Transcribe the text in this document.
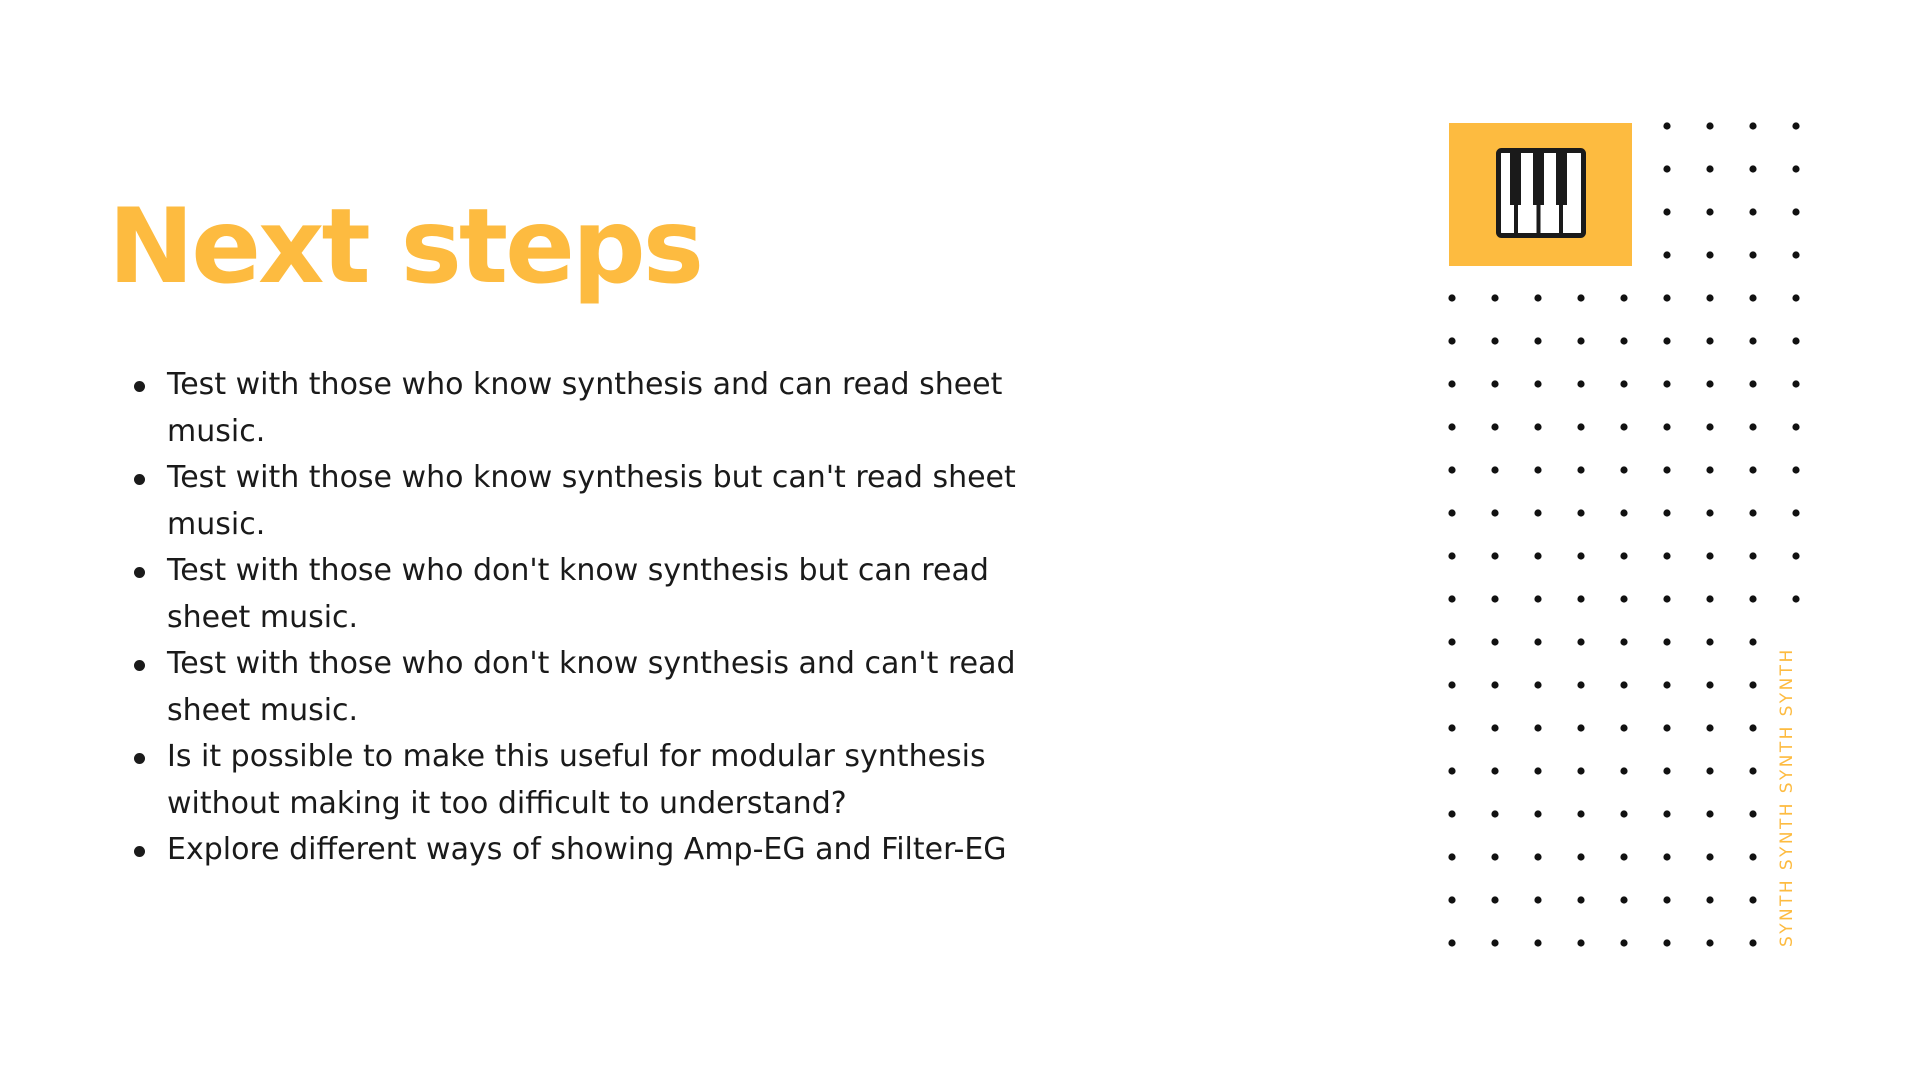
Next steps
Test with those who know synthesis and can read sheet music.
Test with those who know synthesis but can't read sheet music.
Test with those who don't know synthesis but can read sheet music.
Test with those who don't know synthesis and can't read sheet music.
Is it possible to make this useful for modular synthesis without making it too difficult to understand?
Explore different ways of showing Amp-EG and Filter-EG	SYNTH SYNTH SYNTH SYNTH
